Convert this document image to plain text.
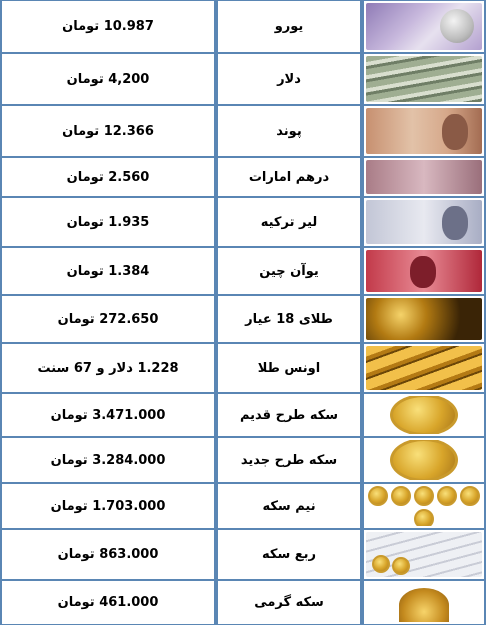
10.987 تومان	یورو
4,200 تومان	دلار
12.366 تومان	پوند
2.560 تومان	درهم امارات
1.935 تومان	لیر ترکیه
1.384 تومان	یوآن چین
272.650 تومان	طلای 18 عیار
1.228 دلار و 67 سنت	اونس طلا
3.471.000 تومان	سکه طرح قدیم
3.284.000 تومان	سکه طرح جدید
1.703.000 تومان	نیم سکه
863.000 تومان	ربع سکه
461.000 تومان	سکه گرمی
